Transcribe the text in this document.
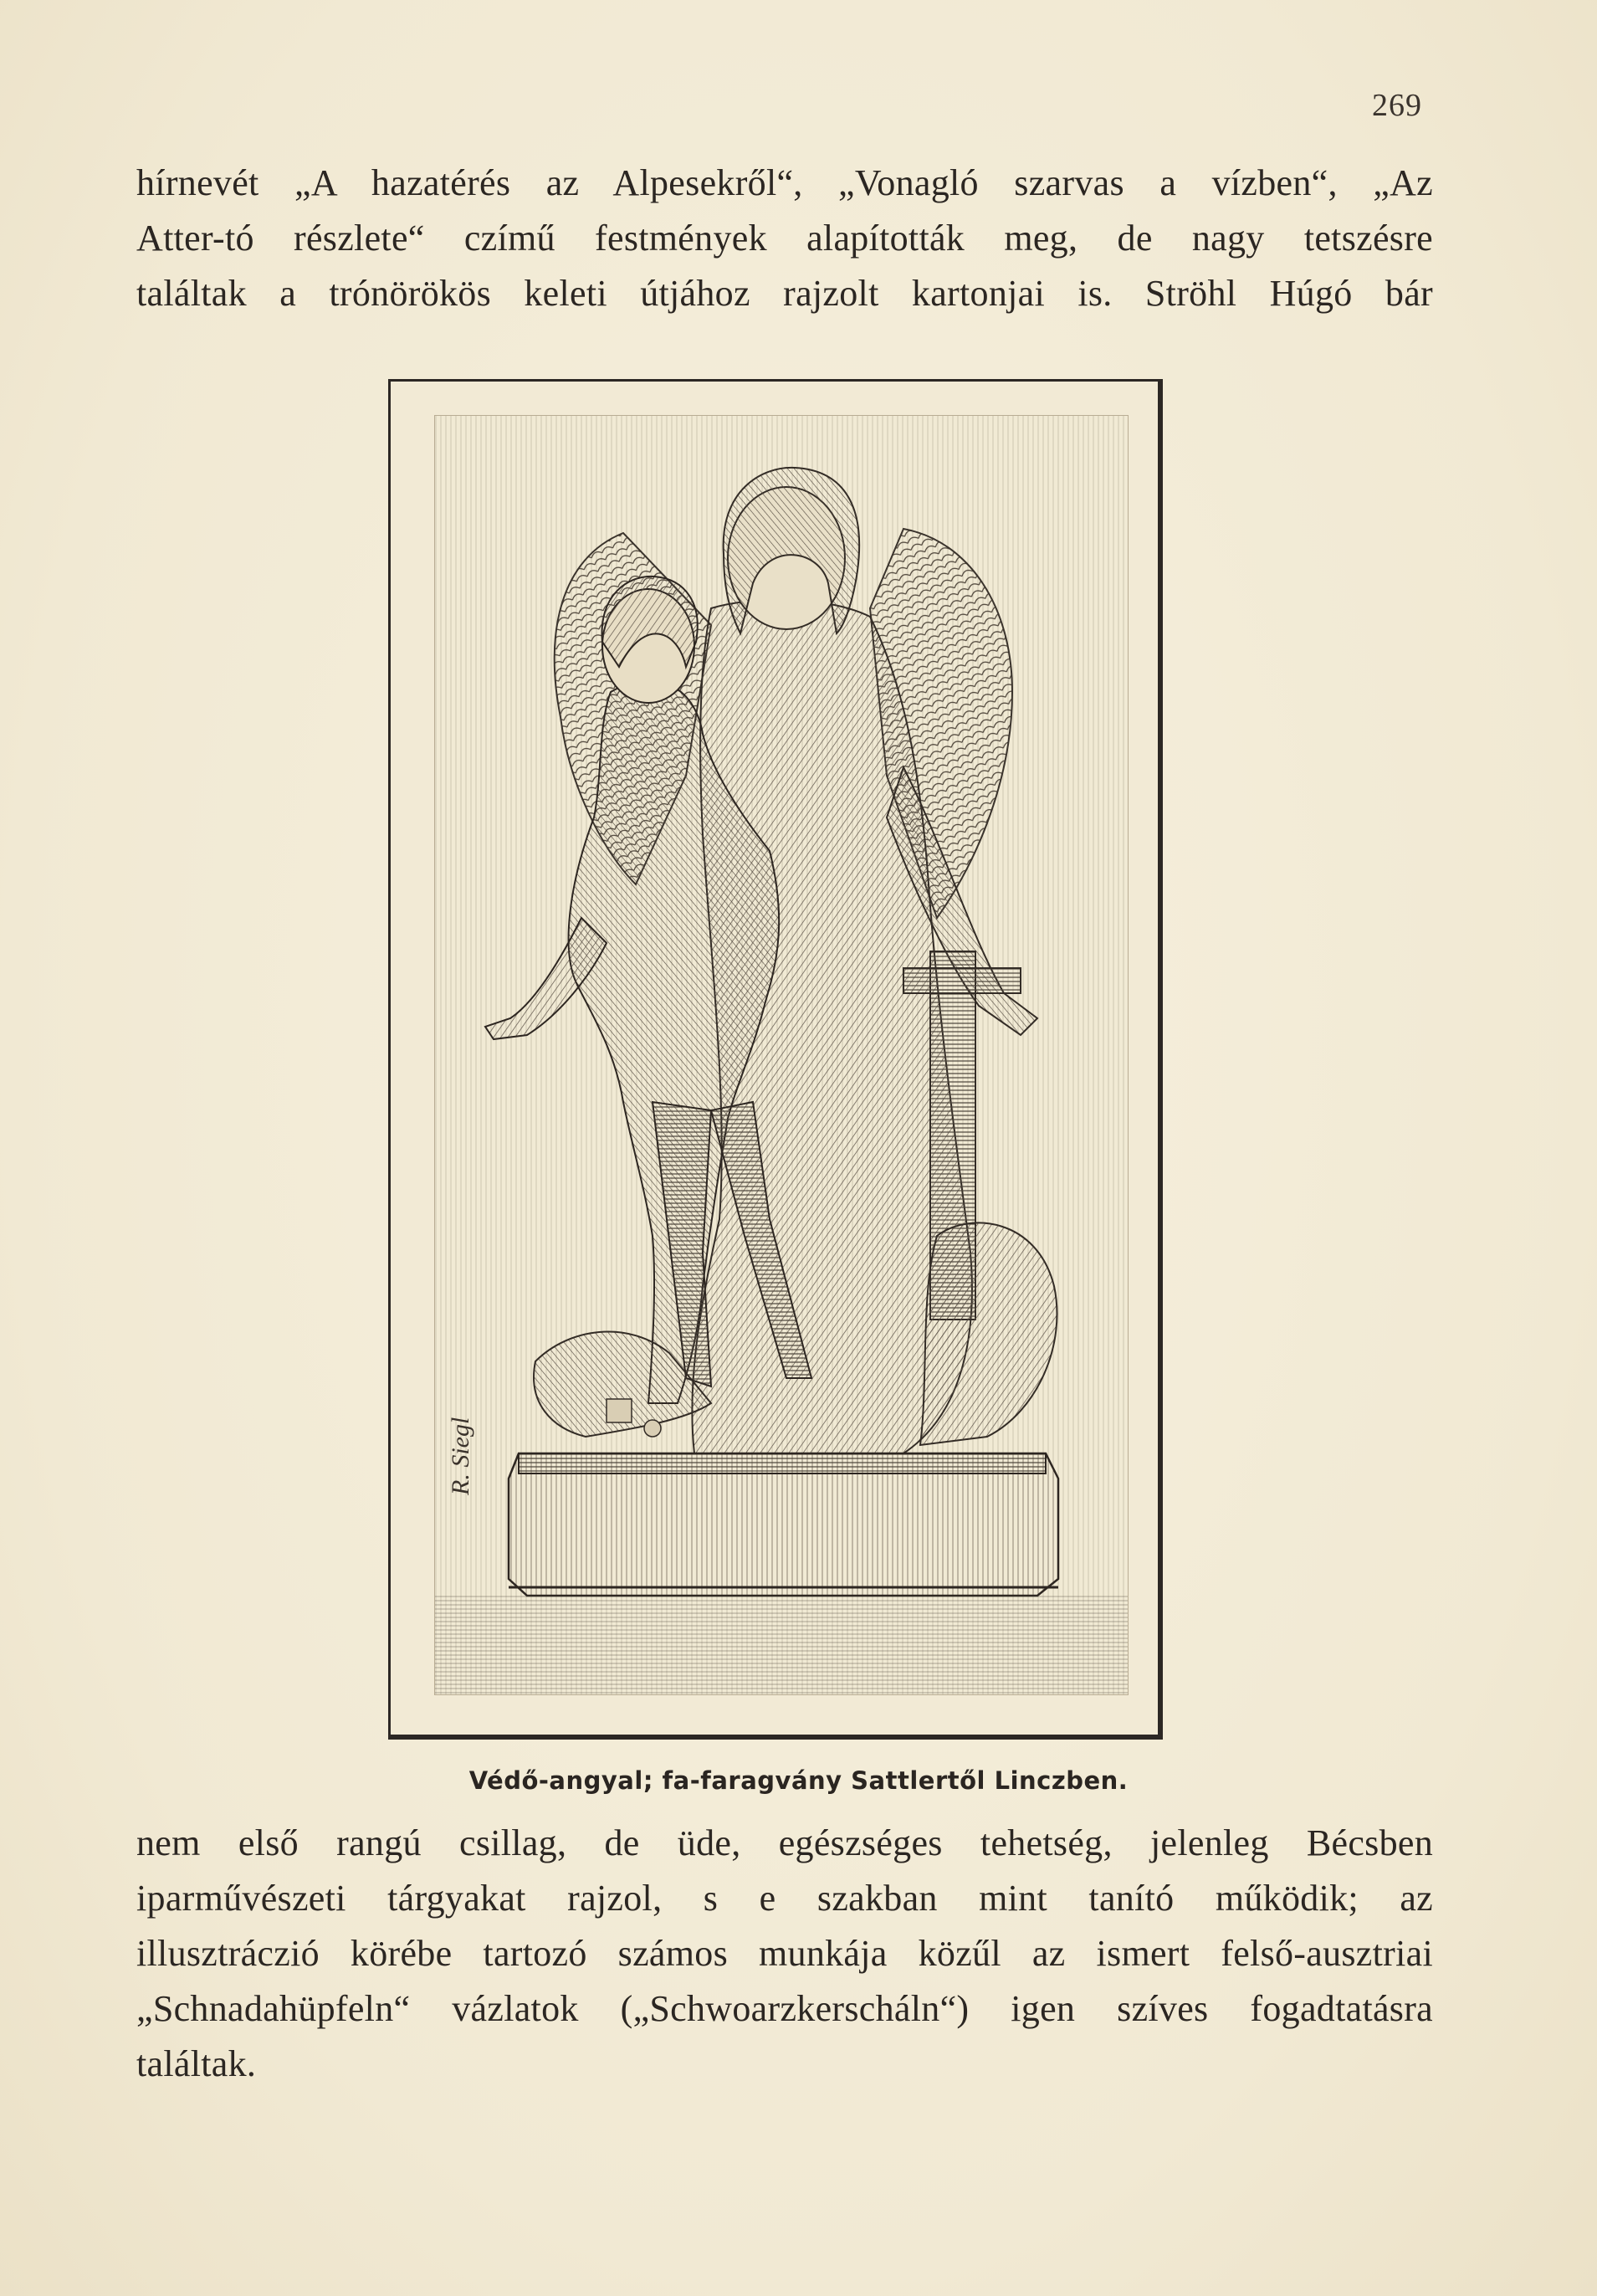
269
hírnevét „A hazatérés az Alpesekről“, „Vonagló szarvas a vízben“, „Az
Atter-tó részlete“ czímű festmények alapították meg, de nagy tetszésre
találtak a trónörökös keleti útjához rajzolt kartonjai is. Ströhl Húgó bár
R. Siegl
Védő-angyal; fa-faragvány Sattlertől Linczben.
nem első rangú csillag, de üde, egészséges tehetség, jelenleg Bécsben
iparművészeti tárgyakat rajzol, s e szakban mint tanító működik; az
illusztráczió körébe tartozó számos munkája közűl az ismert felső-ausztriai
„Schnadahüpfeln“ vázlatok („Schwoarzkerscháln“) igen szíves fogadtatásra
találtak.
